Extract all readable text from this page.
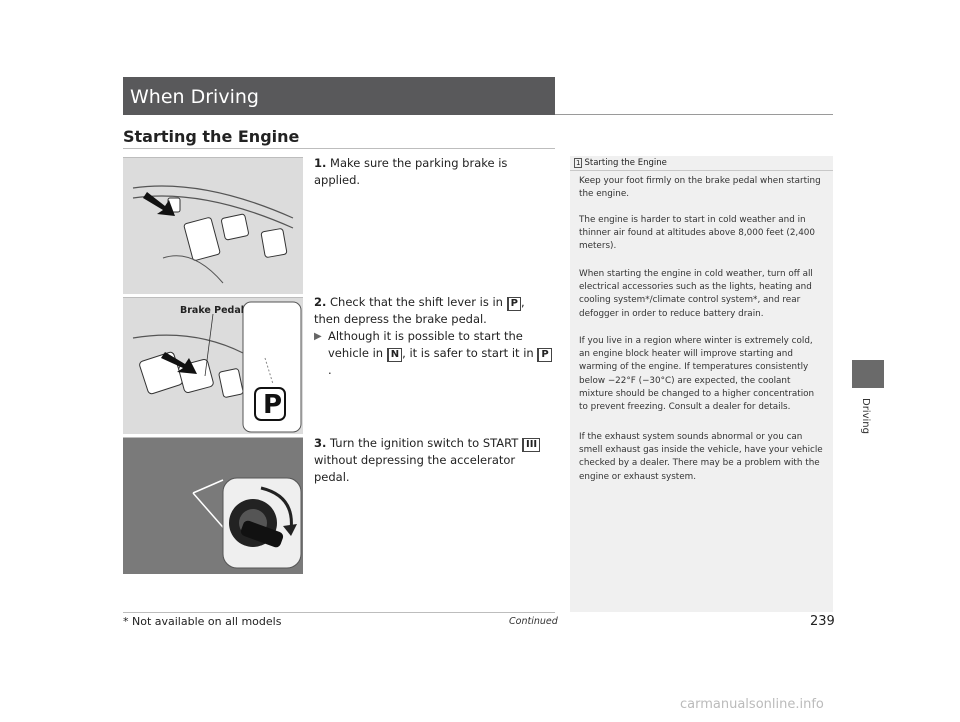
When Driving
Starting the Engine
Driving
Brake Pedal
P
1. Make sure the parking brake is applied.
2. Check that the shift lever is in P , then depress the brake pedal.
▶ Although it is possible to start the vehicle in N , it is safer to start it in P.
3. Turn the ignition switch to START III without depressing the accelerator pedal.
1 Starting the Engine
Keep your foot firmly on the brake pedal when starting the engine.
The engine is harder to start in cold weather and in thinner air found at altitudes above 8,000 feet (2,400 meters).
When starting the engine in cold weather, turn off all electrical accessories such as the lights, heating and cooling system*/climate control system*, and rear defogger in order to reduce battery drain.
If you live in a region where winter is extremely cold, an engine block heater will improve starting and warming of the engine. If temperatures consistently below −22°F (−30°C) are expected, the coolant mixture should be changed to a higher concentration to prevent freezing. Consult a dealer for details.
If the exhaust system sounds abnormal or you can smell exhaust gas inside the vehicle, have your vehicle checked by a dealer. There may be a problem with the engine or exhaust system.
Continued	239
* Not available on all models
carmanualsonline.info
